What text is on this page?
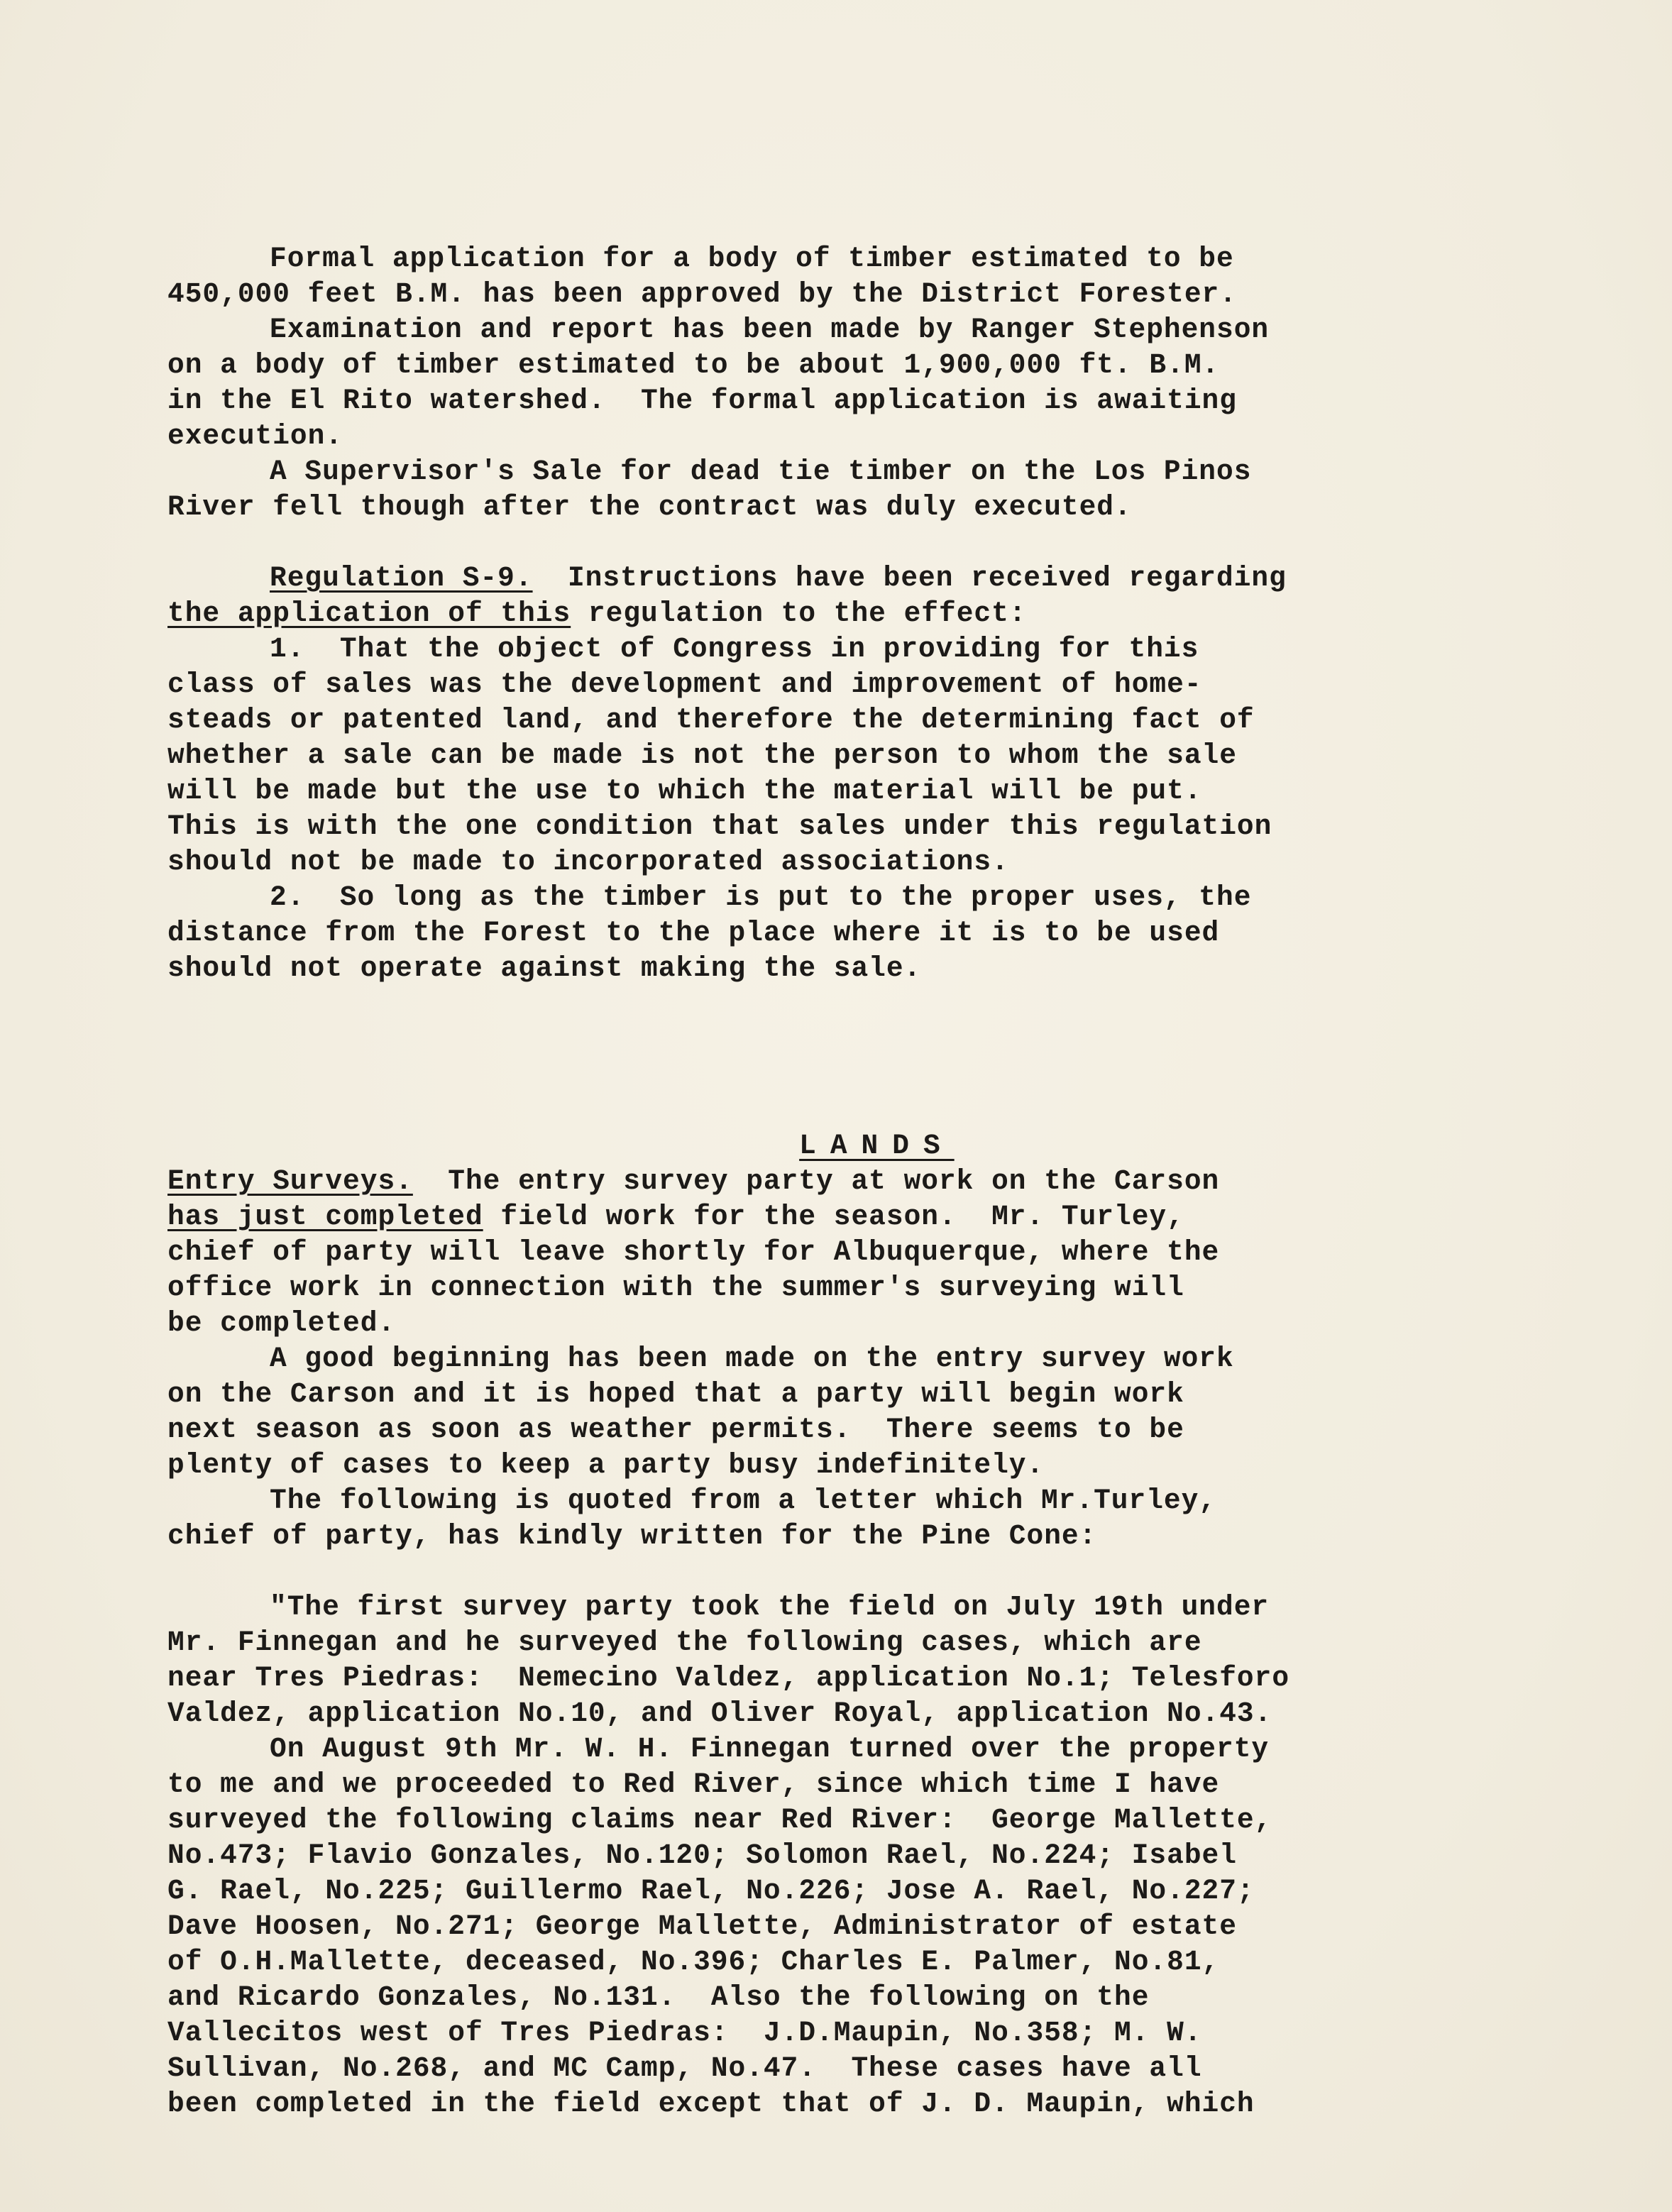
Formal application for a body of timber estimated to be
450,000 feet B.M. has been approved by the District Forester.
Examination and report has been made by Ranger Stephenson
on a body of timber estimated to be about 1,900,000 ft. B.M.
in the El Rito watershed.  The formal application is awaiting
execution.
A Supervisor's Sale for dead tie timber on the Los Pinos
River fell though after the contract was duly executed.
Regulation S-9.  Instructions have been received regarding
the application of this regulation to the effect:
1.  That the object of Congress in providing for this
class of sales was the development and improvement of home-
steads or patented land, and therefore the determining fact of
whether a sale can be made is not the person to whom the sale
will be made but the use to which the material will be put.
This is with the one condition that sales under this regulation
should not be made to incorporated associations.
2.  So long as the timber is put to the proper uses, the
distance from the Forest to the place where it is to be used
should not operate against making the sale.

LANDS

Entry Surveys.  The entry survey party at work on the Carson
has just completed field work for the season.  Mr. Turley,
chief of party will leave shortly for Albuquerque, where the
office work in connection with the summer's surveying will
be completed.
A good beginning has been made on the entry survey work
on the Carson and it is hoped that a party will begin work
next season as soon as weather permits.  There seems to be
plenty of cases to keep a party busy indefinitely.
The following is quoted from a letter which Mr.Turley,
chief of party, has kindly written for the Pine Cone:
"The first survey party took the field on July 19th under
Mr. Finnegan and he surveyed the following cases, which are
near Tres Piedras:  Nemecino Valdez, application No.1; Telesforo
Valdez, application No.10, and Oliver Royal, application No.43.
On August 9th Mr. W. H. Finnegan turned over the property
to me and we proceeded to Red River, since which time I have
surveyed the following claims near Red River:  George Mallette,
No.473; Flavio Gonzales, No.120; Solomon Rael, No.224; Isabel
G. Rael, No.225; Guillermo Rael, No.226; Jose A. Rael, No.227;
Dave Hoosen, No.271; George Mallette, Administrator of estate
of O.H.Mallette, deceased, No.396; Charles E. Palmer, No.81,
and Ricardo Gonzales, No.131.  Also the following on the
Vallecitos west of Tres Piedras:  J.D.Maupin, No.358; M. W.
Sullivan, No.268, and MC Camp, No.47.  These cases have all
been completed in the field except that of J. D. Maupin, which
